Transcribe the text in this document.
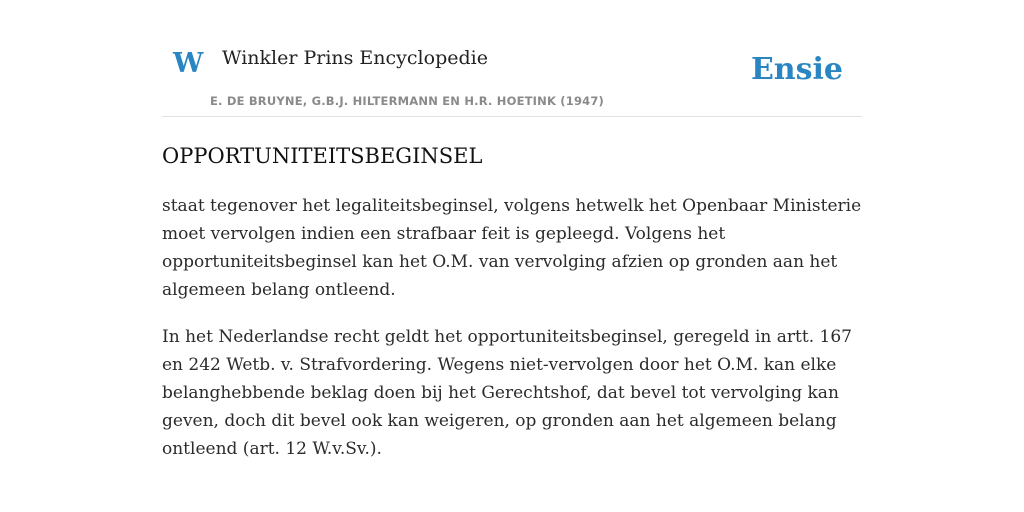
W Winkler Prins Encyclopedie
E. DE BRUYNE, G.B.J. HILTERMANN EN H.R. HOETINK (1947)
Ensie
OPPORTUNITEITSBEGINSEL

staat tegenover het legaliteitsbeginsel, volgens hetwelk het Openbaar Ministerie moet vervolgen indien een strafbaar feit is gepleegd. Volgens het opportuniteitsbeginsel kan het O.M. van vervolging afzien op gronden aan het algemeen belang ontleend.

In het Nederlandse recht geldt het opportuniteitsbeginsel, geregeld in artt. 167 en 242 Wetb. v. Strafvordering. Wegens niet-vervolgen door het O.M. kan elke belanghebbende beklag doen bij het Gerechtshof, dat bevel tot vervolging kan geven, doch dit bevel ook kan weigeren, op gronden aan het algemeen belang ontleend (art. 12 W.v.Sv.).
